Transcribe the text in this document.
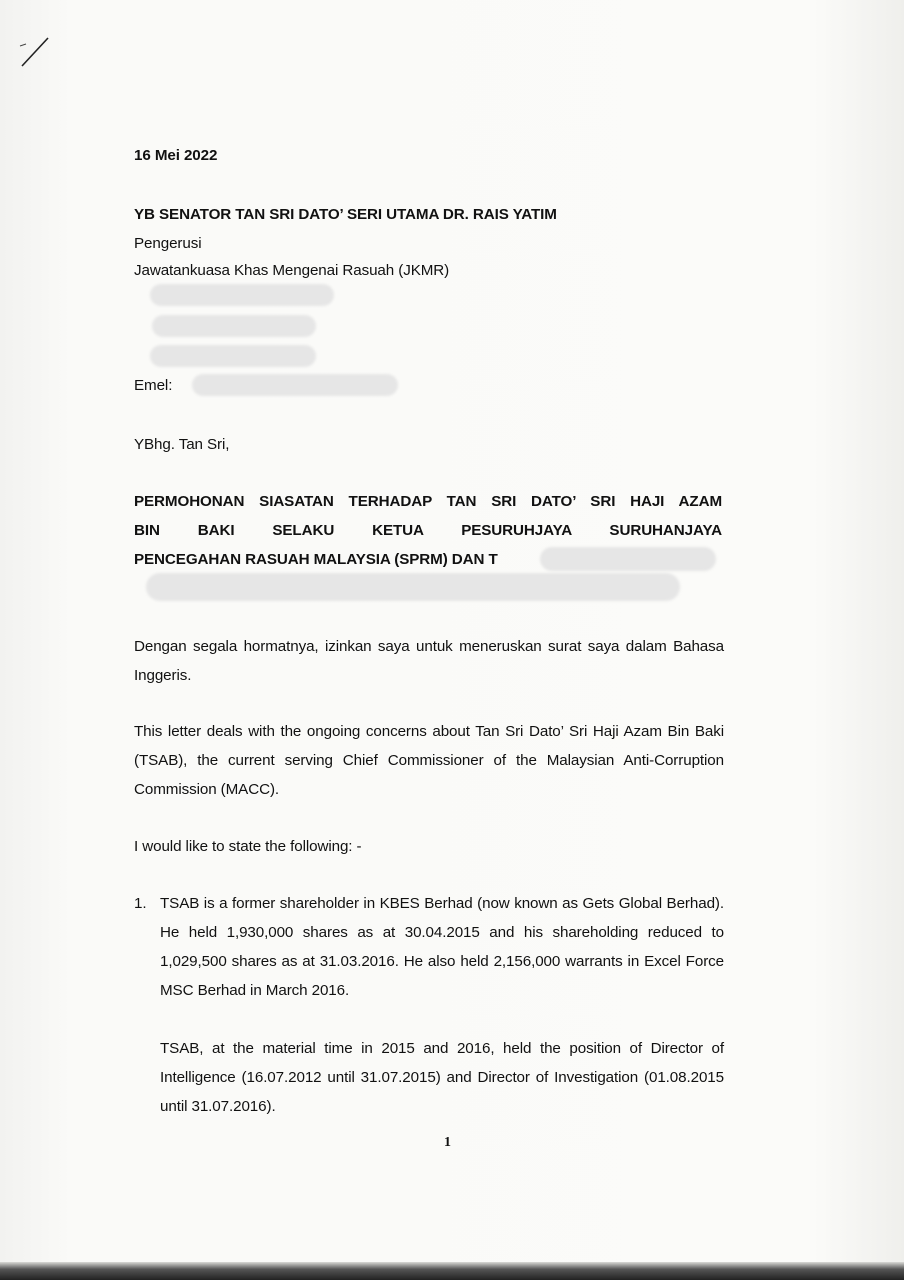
16 Mei 2022
YB SENATOR TAN SRI DATO’ SERI UTAMA DR. RAIS YATIM
Pengerusi
Jawatankuasa Khas Mengenai Rasuah (JKMR)
Emel:
YBhg. Tan Sri,
PERMOHONAN SIASATAN TERHADAP TAN SRI DATO’ SRI HAJI AZAM
BIN BAKI SELAKU KETUA PESURUHJAYA SURUHANJAYA
PENCEGAHAN RASUAH MALAYSIA (SPRM) DAN T
Dengan segala hormatnya, izinkan saya untuk meneruskan surat saya dalam Bahasa Inggeris.
This letter deals with the ongoing concerns about Tan Sri Dato’ Sri Haji Azam Bin Baki (TSAB), the current serving Chief Commissioner of the Malaysian Anti-Corruption Commission (MACC).
I would like to state the following: -
1. TSAB is a former shareholder in KBES Berhad (now known as Gets Global Berhad). He held 1,930,000 shares as at 30.04.2015 and his shareholding reduced to 1,029,500 shares as at 31.03.2016. He also held 2,156,000 warrants in Excel Force MSC Berhad in March 2016.
TSAB, at the material time in 2015 and 2016, held the position of Director of Intelligence (16.07.2012 until 31.07.2015) and Director of Investigation (01.08.2015 until 31.07.2016).
1
